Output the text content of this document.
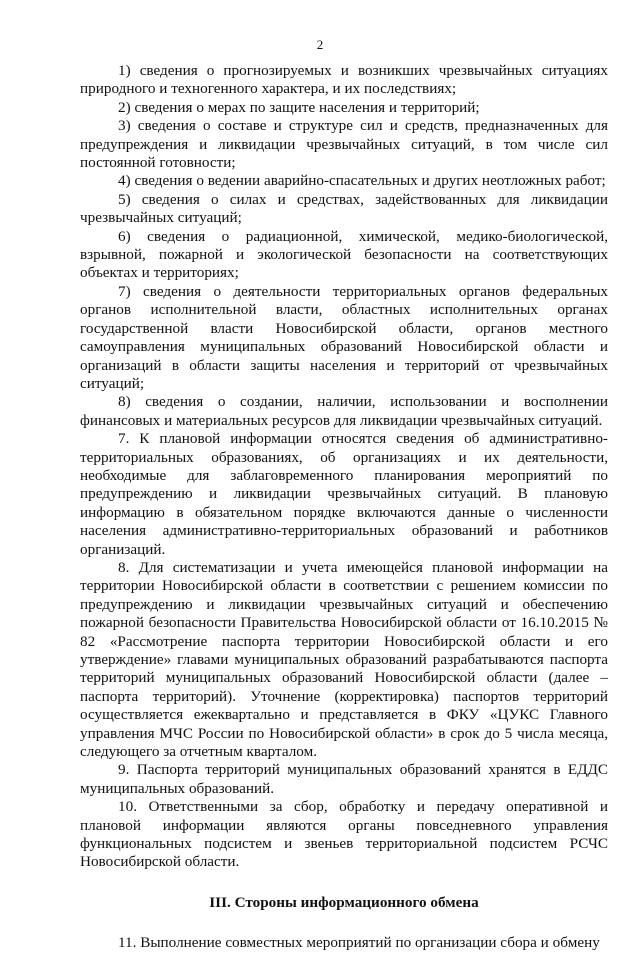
2

1) сведения о прогнозируемых и возникших чрезвычайных ситуациях природного и техногенного характера, и их последствиях;

2) сведения о мерах по защите населения и территорий;

3) сведения о составе и структуре сил и средств, предназначенных для предупреждения и ликвидации чрезвычайных ситуаций, в том числе сил постоянной готовности;

4) сведения о ведении аварийно-спасательных и других неотложных работ;

5) сведения о силах и средствах, задействованных для ликвидации чрезвычайных ситуаций;

6) сведения о радиационной, химической, медико-биологической, взрывной, пожарной и экологической безопасности на соответствующих объектах и территориях;

7) сведения о деятельности территориальных органов федеральных органов исполнительной власти, областных исполнительных органах государственной власти Новосибирской области, органов местного самоуправления муниципальных образований Новосибирской области и организаций в области защиты населения и территорий от чрезвычайных ситуаций;

8) сведения о создании, наличии, использовании и восполнении финансовых и материальных ресурсов для ликвидации чрезвычайных ситуаций.

7. К плановой информации относятся сведения об административно-территориальных образованиях, об организациях и их деятельности, необходимые для заблаговременного планирования мероприятий по предупреждению и ликвидации чрезвычайных ситуаций. В плановую информацию в обязательном порядке включаются данные о численности населения административно-территориальных образований и работников организаций.

8. Для систематизации и учета имеющейся плановой информации на территории Новосибирской области в соответствии с решением комиссии по предупреждению и ликвидации чрезвычайных ситуаций и обеспечению пожарной безопасности Правительства Новосибирской области от 16.10.2015 № 82 «Рассмотрение паспорта территории Новосибирской области и его утверждение» главами муниципальных образований разрабатываются паспорта территорий муниципальных образований Новосибирской области (далее – паспорта территорий). Уточнение (корректировка) паспортов территорий осуществляется ежеквартально и представляется в ФКУ «ЦУКС Главного управления МЧС России по Новосибирской области» в срок до 5 числа месяца, следующего за отчетным кварталом.

9. Паспорта территорий муниципальных образований хранятся в ЕДДС муниципальных образований.

10. Ответственными за сбор, обработку и передачу оперативной и плановой информации являются органы повседневного управления функциональных подсистем и звеньев территориальной подсистем РСЧС Новосибирской области.

III. Стороны информационного обмена

11. Выполнение совместных мероприятий по организации сбора и обмену
